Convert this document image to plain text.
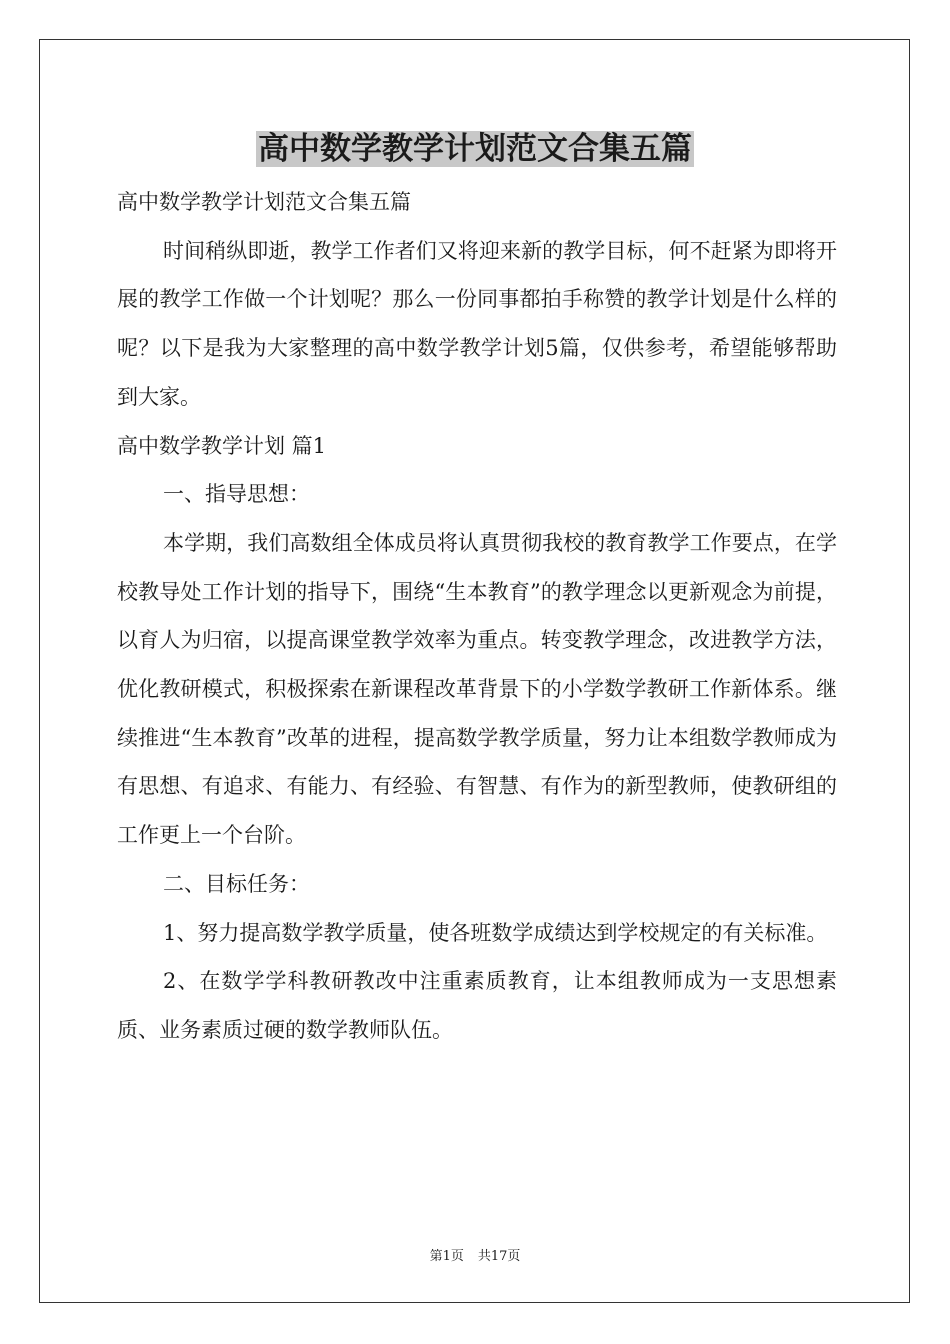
高中数学教学计划范文合集五篇

高中数学教学计划范文合集五篇

时间稍纵即逝，教学工作者们又将迎来新的教学目标，何不赶紧为即将开展的教学工作做一个计划呢？那么一份同事都拍手称赞的教学计划是什么样的呢？以下是我为大家整理的高中数学教学计划5篇，仅供参考，希望能够帮助到大家。

高中数学教学计划 篇1

一、指导思想：

本学期，我们高数组全体成员将认真贯彻我校的教育教学工作要点，在学校教导处工作计划的指导下，围绕“生本教育”的教学理念以更新观念为前提，以育人为归宿，以提高课堂教学效率为重点。转变教学理念，改进教学方法，优化教研模式，积极探索在新课程改革背景下的小学数学教研工作新体系。继续推进“生本教育”改革的进程，提高数学教学质量，努力让本组数学教师成为有思想、有追求、有能力、有经验、有智慧、有作为的新型教师，使教研组的工作更上一个台阶。

二、目标任务：

1、努力提高数学教学质量，使各班数学成绩达到学校规定的有关标准。

2、在数学学科教研教改中注重素质教育，让本组教师成为一支思想素质、业务素质过硬的数学教师队伍。

第1页 共17页
